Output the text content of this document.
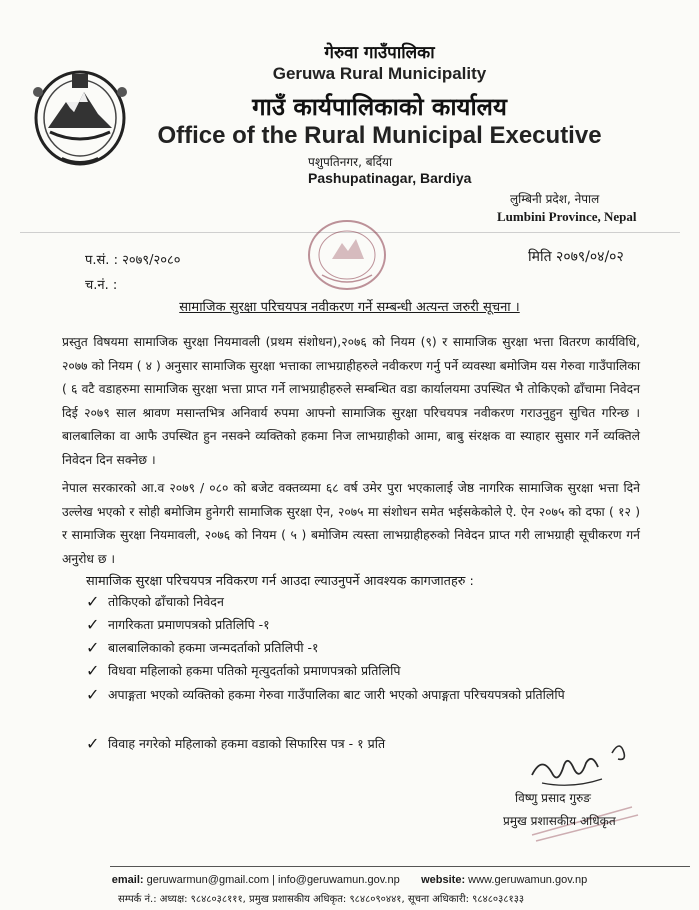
गेरुवा गाउँपालिका
Geruwa Rural Municipality
गाउँ कार्यपालिकाको कार्यालय
Office of the Rural Municipal Executive
पशुपतिनगर, बर्दिया
Pashupatinagar, Bardiya
लुम्बिनी प्रदेश, नेपाल
Lumbini Province, Nepal
प.सं. : २०७९/२०८०
च.नं. :
मिति २०७९/०४/०२
सामाजिक सुरक्षा परिचयपत्र नवीकरण गर्ने सम्बन्धी अत्यन्त जरुरी सूचना ।
प्रस्तुत विषयमा सामाजिक सुरक्षा नियमावली (प्रथम संशोधन),२०७६ को नियम (९) र सामाजिक सुरक्षा भत्ता वितरण कार्यविधि, २०७७ को नियम ( ४ ) अनुसार सामाजिक सुरक्षा भत्ताका लाभग्राहीहरुले नवीकरण गर्नु पर्ने व्यवस्था बमोजिम यस गेरुवा गाउँपालिका ( ६ वटै वडाहरुमा सामाजिक सुरक्षा भत्ता प्राप्त गर्ने लाभग्राहीहरुले सम्बन्धित वडा कार्यालयमा उपस्थित भै तोकिएको ढाँचामा निवेदन दिई २०७९ साल श्रावण मसान्तभित्र अनिवार्य रुपमा आफ्नो सामाजिक सुरक्षा परिचयपत्र नवीकरण गराउनुहुन सुचित गरिन्छ । बालबालिका वा आफै उपस्थित हुन नसक्ने व्यक्तिको हकमा निज लाभग्राहीको आमा, बाबु संरक्षक वा स्याहार सुसार गर्ने व्यक्तिले निवेदन दिन सक्नेछ ।
नेपाल सरकारको आ.व २०७९ / ०८० को बजेट वक्तव्यमा ६८ वर्ष उमेर पुरा भएकालाई जेष्ठ नागरिक सामाजिक सुरक्षा भत्ता दिने उल्लेख भएको र सोही बमोजिम हुनेगरी सामाजिक सुरक्षा ऐन, २०७५ मा संशोधन समेत भईसकेकोले ऐ. ऐन २०७५ को दफा ( १२ ) र सामाजिक सुरक्षा नियमावली, २०७६ को नियम ( ५ ) बमोजिम त्यस्ता लाभग्राहीहरुको निवेदन प्राप्त गरी लाभग्राही सूचीकरण गर्न अनुरोध छ ।
सामाजिक सुरक्षा परिचयपत्र नविकरण गर्न आउदा ल्याउनुपर्ने आवश्यक कागजातहरु :
✓ तोकिएको ढाँचाको निवेदन
✓ नागरिकता प्रमाणपत्रको प्रतिलिपि -१
✓ बालबालिकाको हकमा जन्मदर्ताको प्रतिलिपी -१
✓ विधवा महिलाको हकमा पतिको मृत्युदर्ताको प्रमाणपत्रको प्रतिलिपि
✓ अपाङ्गता भएको व्यक्तिको हकमा गेरुवा गाउँपालिका बाट जारी भएको अपाङ्गता परिचयपत्रको प्रतिलिपि
✓ विवाह नगरेको महिलाको हकमा वडाको सिफारिस पत्र - १ प्रति
विष्णु प्रसाद गुरुङ
प्रमुख प्रशासकीय अधिकृत
email: geruwarmun@gmail.com | info@geruwamun.gov.np website: www.geruwamun.gov.np
सम्पर्क नं.: अध्यक्ष: ९८४८०३८१११, प्रमुख प्रशासकीय अधिकृत: ९८४८०९०४४१, सूचना अधिकारी: ९८४८०३८१३३
